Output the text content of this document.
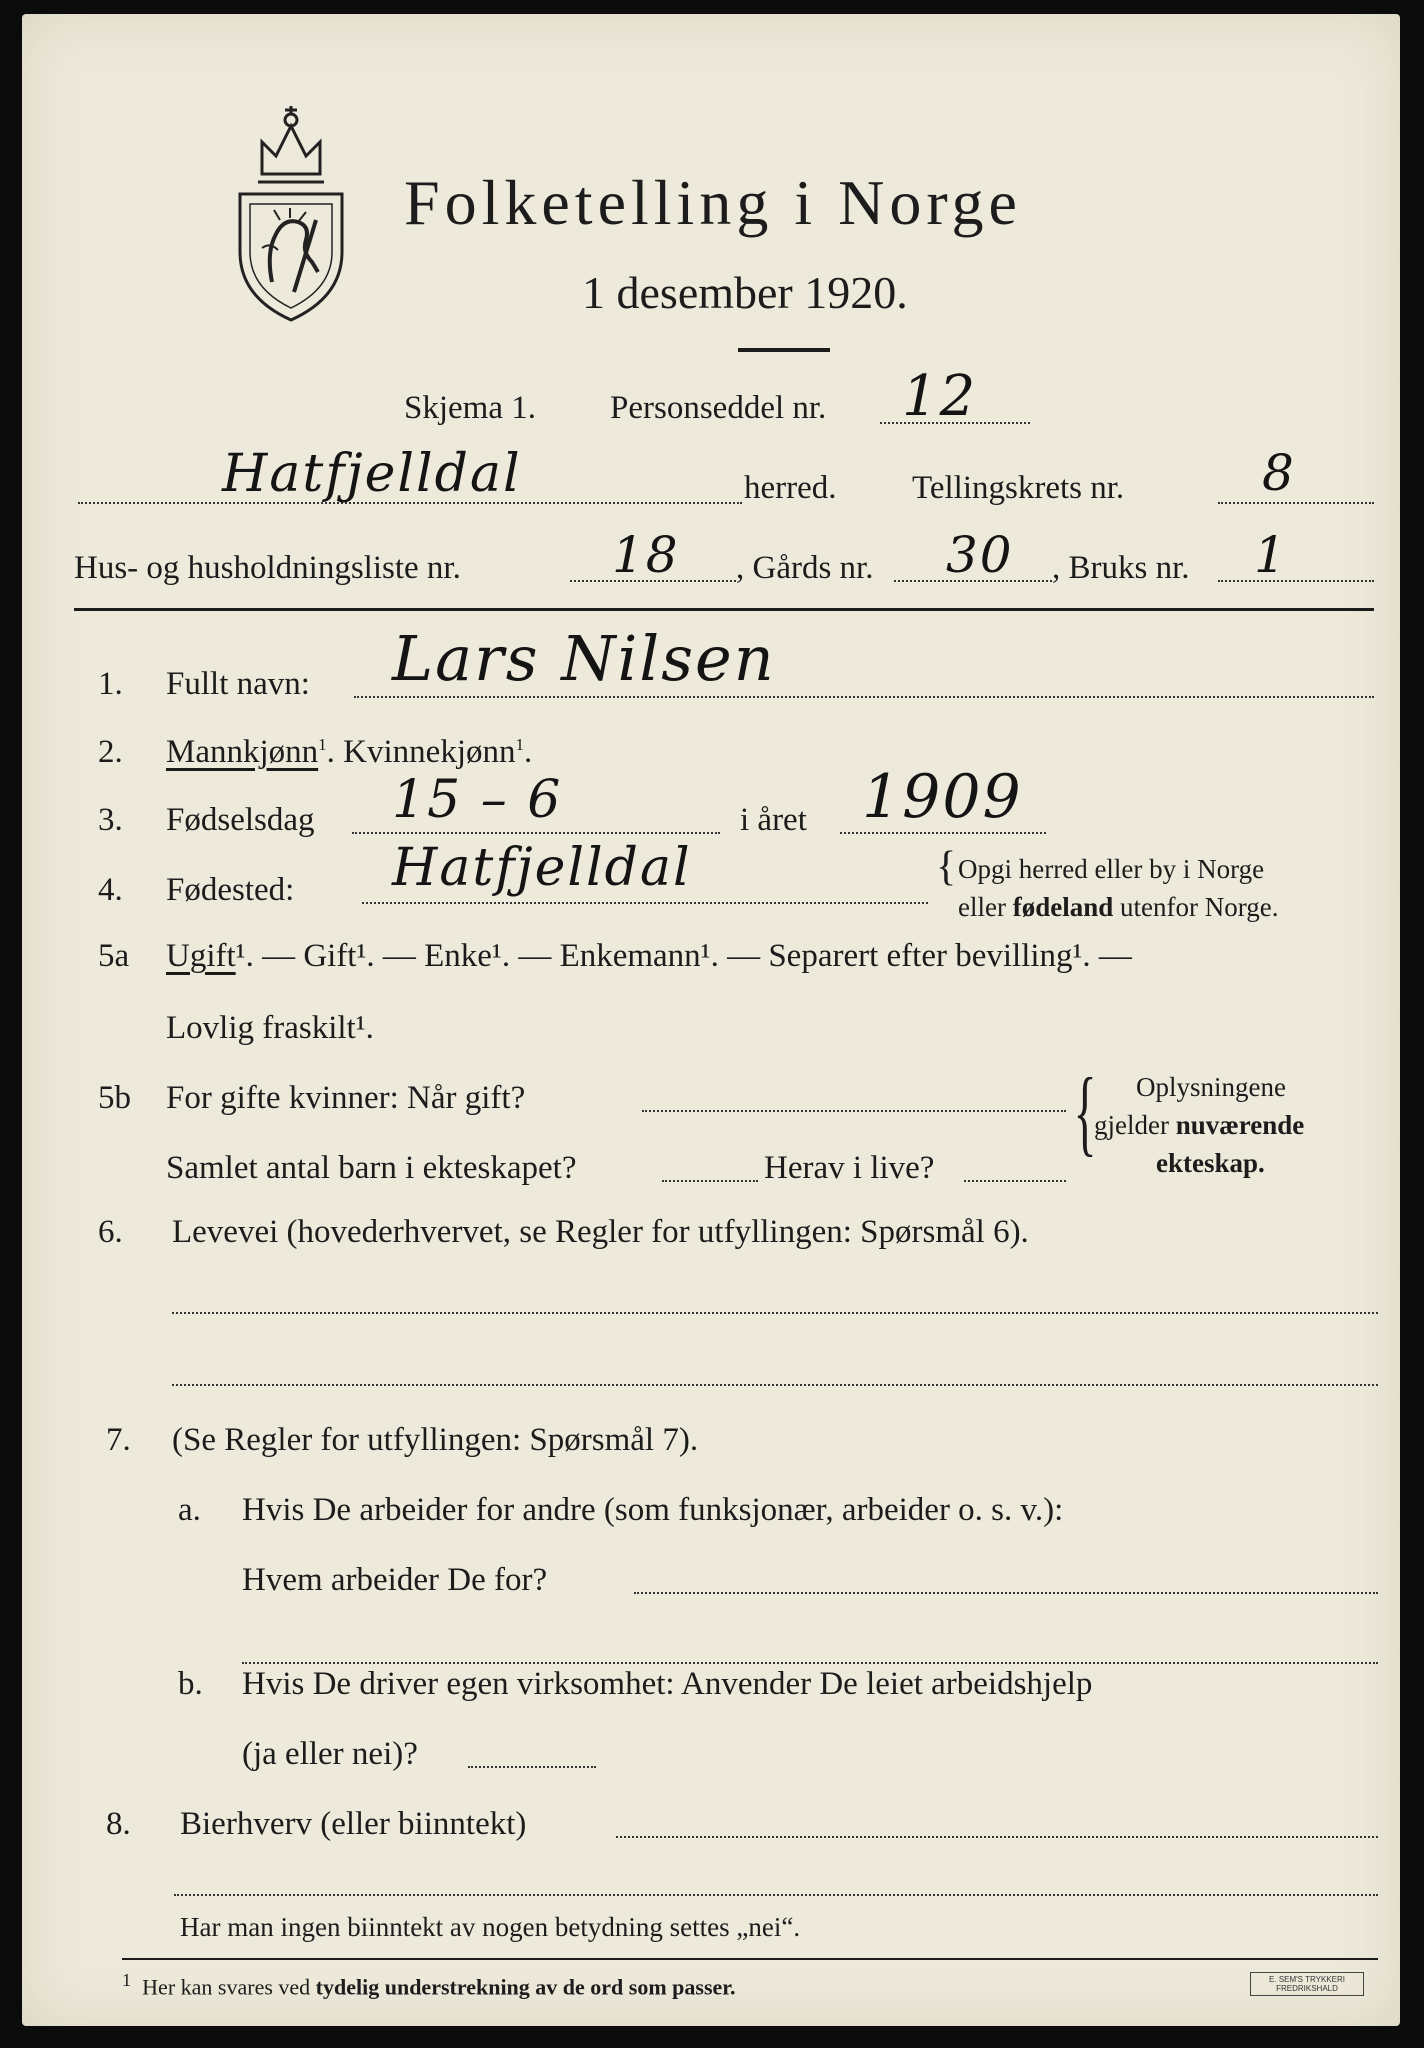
Folketelling i Norge
1 desember 1920.
Skjema 1. Personseddel nr. 12
Hatfjelldal	herred. Tellingskrets nr.	8
Hus- og husholdningsliste nr.	18 , Gårds nr. 30 , Bruks nr. 1
1. Fullt navn: Lars Nilsen
2. Mannkjønn$^1$. Kvinnekjønn$^1$.
3. Fødselsdag 15 – 6	i året 1909
4. Fødested: Hatfjelldal	{ Opgi herred eller by i Norge
eller fødeland utenfor Norge.
5a Ugift¹. — Gift¹. — Enke¹. — Enkemann¹. — Separert efter bevilling¹. —
Lovlig fraskilt¹.
5b For gifte kvinner: Når gift?
Samlet antal barn i ekteskapet?	Herav i live?
{ Oplysningene
gjelder nuværende
ekteskap.
6. Levevei (hovederhvervet, se Regler for utfyllingen: Spørsmål 6).
7. (Se Regler for utfyllingen: Spørsmål 7).
a. Hvis De arbeider for andre (som funksjonær, arbeider o. s. v.):
Hvem arbeider De for?
b. Hvis De driver egen virksomhet: Anvender De leiet arbeidshjelp
(ja eller nei)?
8. Bierhverv (eller biinntekt)
Har man ingen biinntekt av nogen betydning settes „nei“.
$^1$ Her kan svares ved tydelig understrekning av de ord som passer.	E. SEM'S TRYKKERI FREDRIKSHALD
